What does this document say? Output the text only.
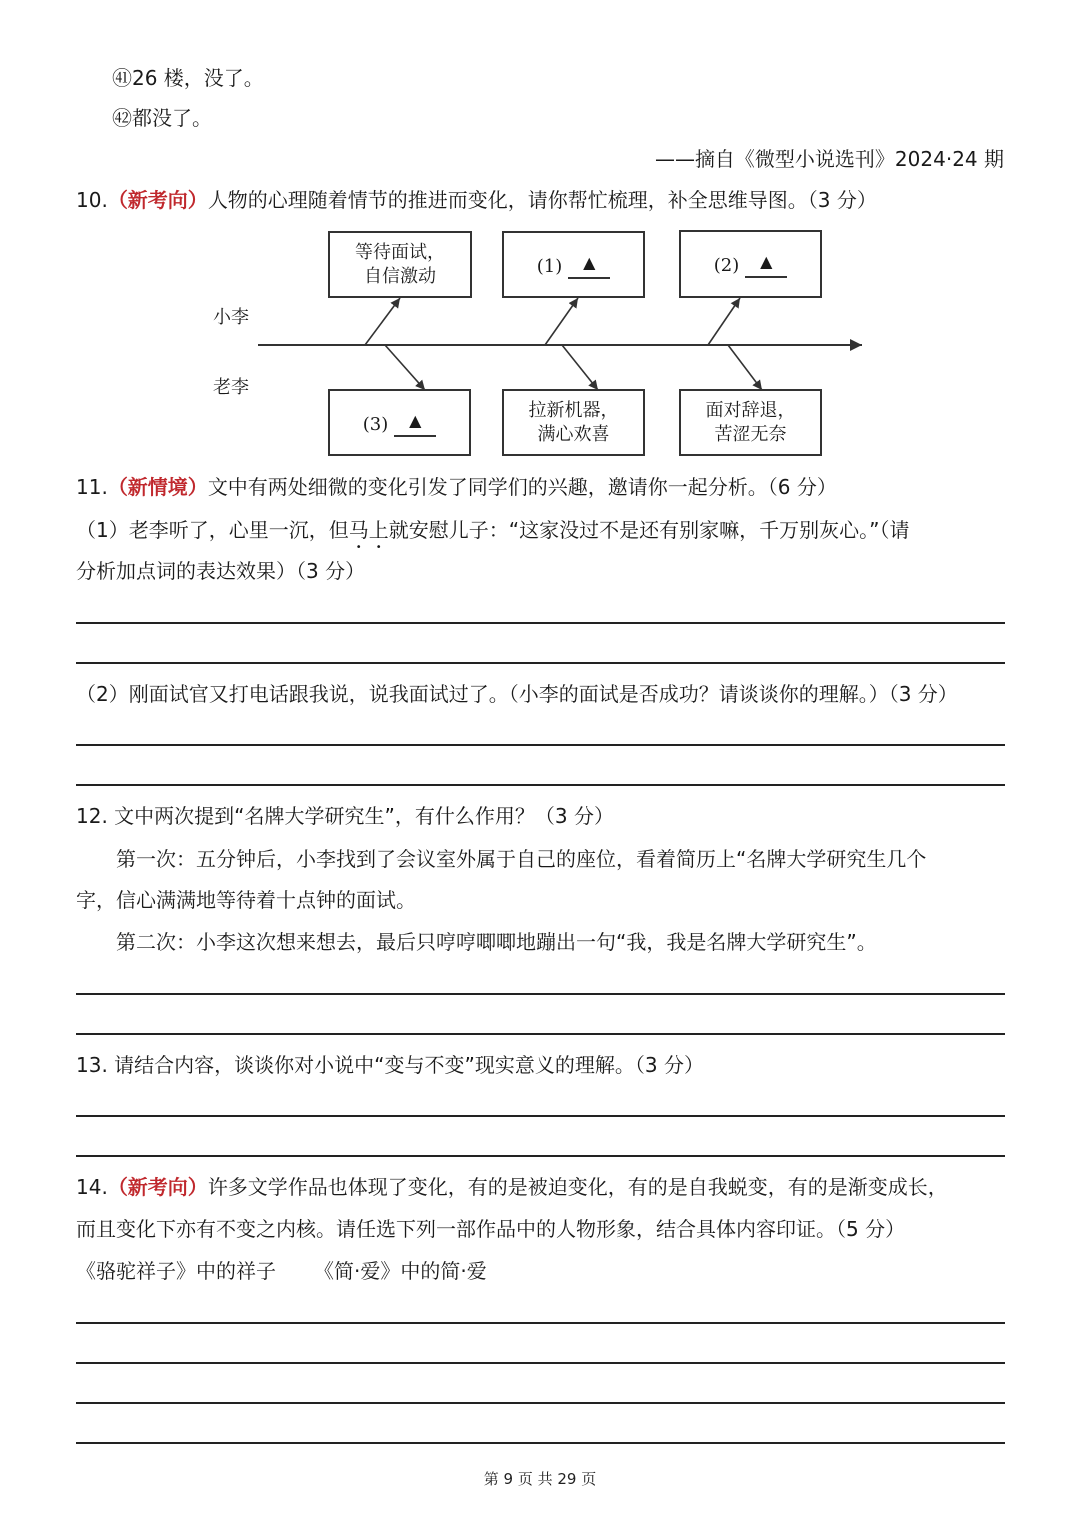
㊶26 楼，没了。
㊷都没了。
——摘自《微型小说选刊》2024·24 期
10.（新考向）人物的心理随着情节的推进而变化，请你帮忙梳理，补全思维导图。（3 分）
小李
老李
等待面试，
自信激动	(1) ▲	(2) ▲
(3) ▲	拉新机器，
满心欢喜
面对辞退，
苦涩无奈
11.（新情境）文中有两处细微的变化引发了同学们的兴趣，邀请你一起分析。（6 分）
（1）老李听了，心里一沉，但马上就安慰儿子：“这家没过不是还有别家嘛，千万别灰心。”（请
分析加点词的表达效果）（3 分）
（2）刚面试官又打电话跟我说，说我面试过了。（小李的面试是否成功？请谈谈你的理解。）（3 分）
12. 文中两次提到“名牌大学研究生”，有什么作用？（3 分）
第一次：五分钟后，小李找到了会议室外属于自己的座位，看着简历上“名牌大学研究生几个
字，信心满满地等待着十点钟的面试。
第二次：小李这次想来想去，最后只哼哼唧唧地蹦出一句“我，我是名牌大学研究生”。
13. 请结合内容，谈谈你对小说中“变与不变”现实意义的理解。（3 分）
14.（新考向）许多文学作品也体现了变化，有的是被迫变化，有的是自我蜕变，有的是渐变成长，
而且变化下亦有不变之内核。请任选下列一部作品中的人物形象，结合具体内容印证。（5 分）
《骆驼祥子》中的祥子 《简·爱》中的简·爱
第 9 页 共 29 页
